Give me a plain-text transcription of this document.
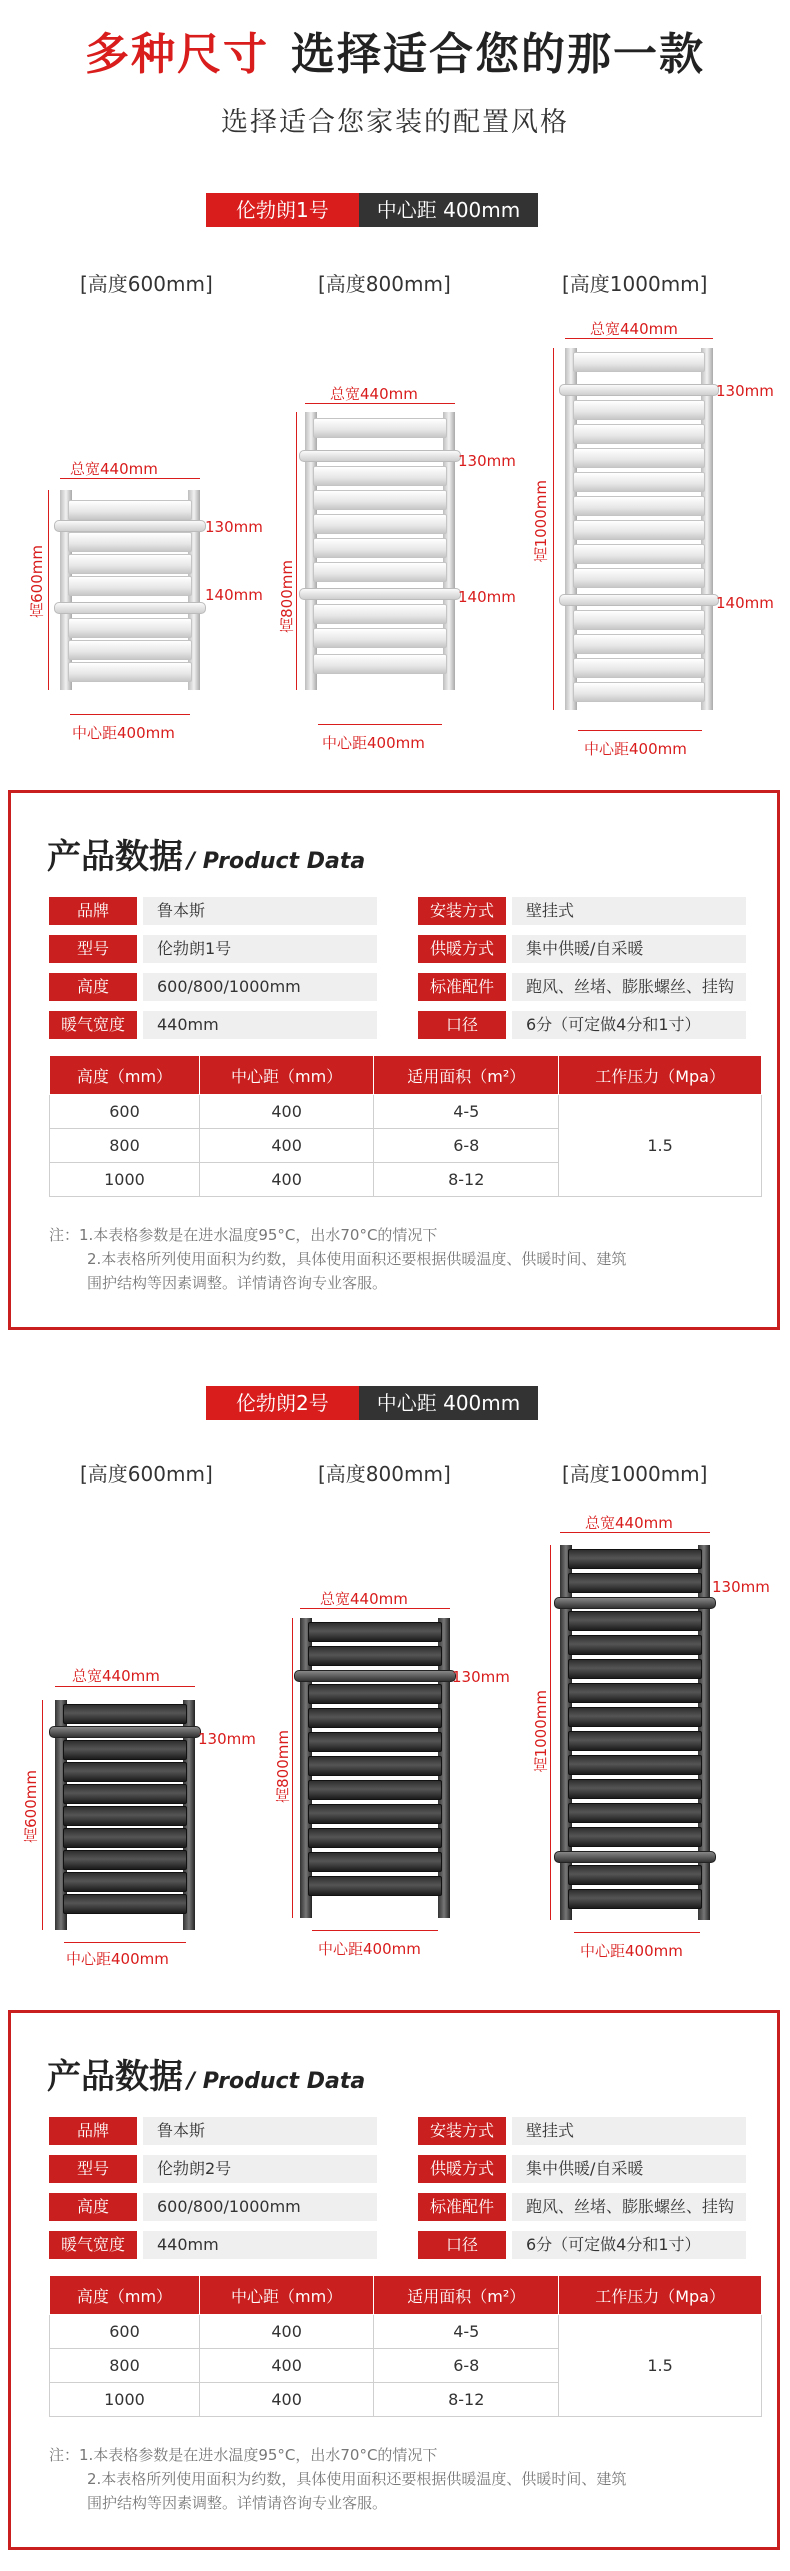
多种尺寸 选择适合您的那一款
选择适合您家装的配置风格
伦勃朗1号	中心距 400mm
[高度600mm]	[高度800mm]	[高度1000mm]
总宽440mm
高600mm
130mm
140mm
中心距400mm
总宽440mm
高800mm
130mm
140mm
中心距400mm
总宽440mm
高1000mm
130mm
140mm
中心距400mm
产品数据 / Product Data
品牌	鲁本斯
型号	伦勃朗1号
高度	600/800/1000mm
暖气宽度	440mm
安装方式	壁挂式
供暖方式	集中供暖/自采暖
标准配件	跑风、丝堵、膨胀螺丝、挂钩
口径	6分（可定做4分和1寸）
高度（mm）	中心距（mm）	适用面积（m²）	工作压力（Mpa）
600	400	4-5	1.5
800	400	6-8	
1000	400	8-12	
注：1.本表格参数是在进水温度95°C，出水70°C的情况下
2.本表格所列使用面积为约数，具体使用面积还要根据供暖温度、供暖时间、建筑
围护结构等因素调整。详情请咨询专业客服。
伦勃朗2号	中心距 400mm
[高度600mm]	[高度800mm]	[高度1000mm]
总宽440mm
高600mm
130mm
中心距400mm
总宽440mm
高800mm
130mm
中心距400mm
总宽440mm
高1000mm
130mm
中心距400mm
产品数据 / Product Data
品牌	鲁本斯
型号	伦勃朗2号
高度	600/800/1000mm
暖气宽度	440mm
安装方式	壁挂式
供暖方式	集中供暖/自采暖
标准配件	跑风、丝堵、膨胀螺丝、挂钩
口径	6分（可定做4分和1寸）
高度（mm）	中心距（mm）	适用面积（m²）	工作压力（Mpa）
600	400	4-5	1.5
800	400	6-8	
1000	400	8-12	
注：1.本表格参数是在进水温度95°C，出水70°C的情况下
2.本表格所列使用面积为约数，具体使用面积还要根据供暖温度、供暖时间、建筑
围护结构等因素调整。详情请咨询专业客服。
